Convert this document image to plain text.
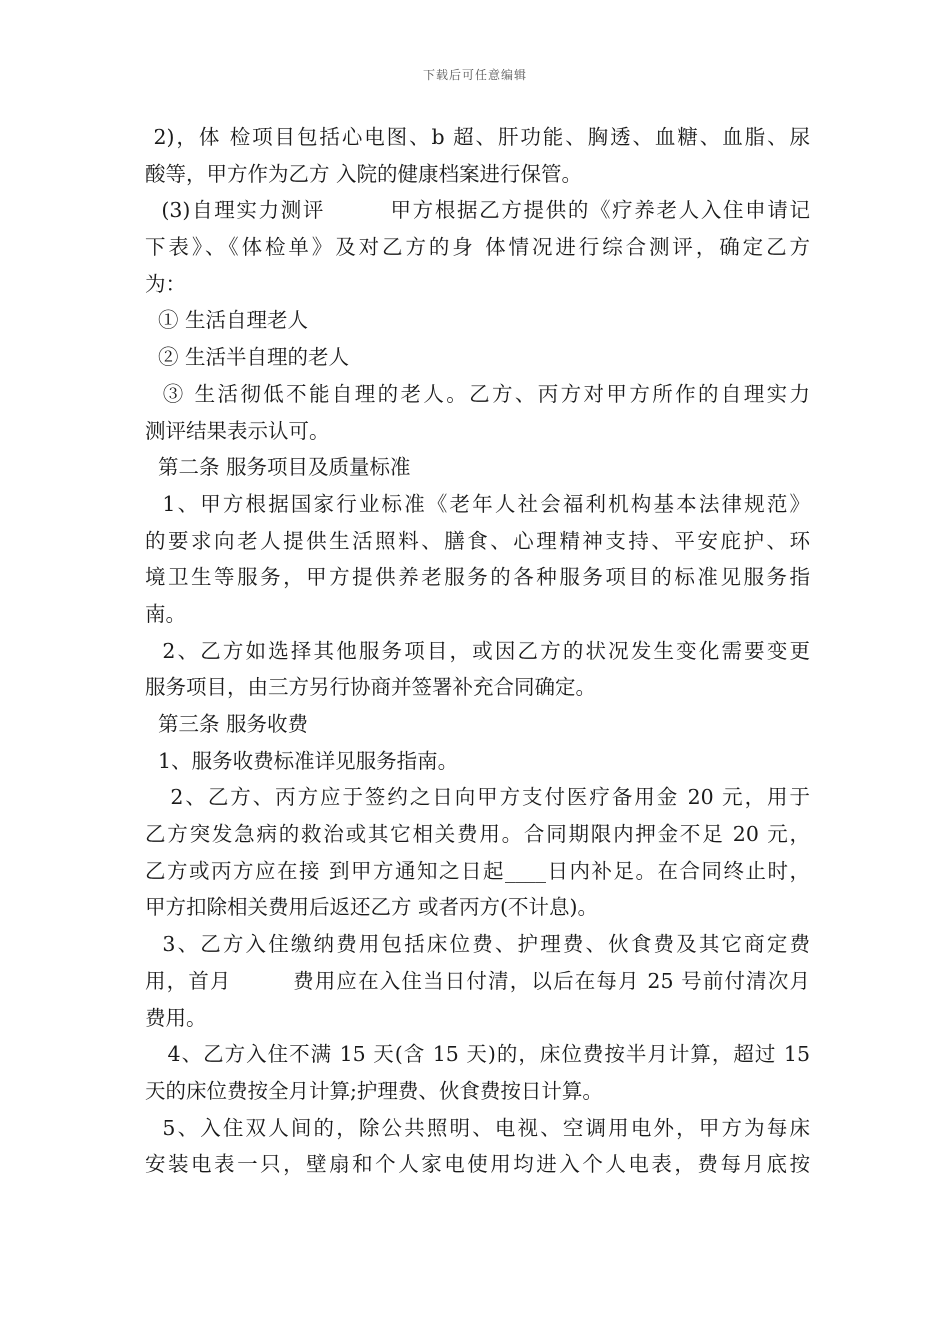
下载后可任意编辑
2)，体 检项目包括心电图、b 超、肝功能、胸透、血糖、血脂、尿
酸等，甲方作为乙方 入院的健康档案进行保管。
(3)自理实力测评        甲方根据乙方提供的《疗养老人入住申请记
下表》、《体检单》及对乙方的身 体情况进行综合测评，确定乙方
为：
① 生活自理老人
② 生活半自理的老人
③ 生活彻低不能自理的老人。乙方、丙方对甲方所作的自理实力
测评结果表示认可。
第二条 服务项目及质量标准
1、甲方根据国家行业标准《老年人社会福利机构基本法律规范》
的要求向老人提供生活照料、膳食、心理精神支持、平安庇护、环
境卫生等服务，甲方提供养老服务的各种服务项目的标准见服务指
南。
2、乙方如选择其他服务项目，或因乙方的状况发生变化需要变更
服务项目，由三方另行协商并签署补充合同确定。
第三条 服务收费
1、服务收费标准详见服务指南。
2、乙方、丙方应于签约之日向甲方支付医疗备用金 20 元，用于
乙方突发急病的救治或其它相关费用。合同期限内押金不足 20 元，
乙方或丙方应在接 到甲方通知之日起____日内补足。在合同终止时，
甲方扣除相关费用后返还乙方 或者丙方(不计息)。
3、乙方入住缴纳费用包括床位费、护理费、伙食费及其它商定费
用，首月        费用应在入住当日付清，以后在每月 25 号前付清次月
费用。
4、乙方入住不满 15 天(含 15 天)的，床位费按半月计算，超过 15
天的床位费按全月计算;护理费、伙食费按日计算。
5、入住双人间的，除公共照明、电视、空调用电外，甲方为每床
安装电表一只，壁扇和个人家电使用均进入个人电表，费每月底按
